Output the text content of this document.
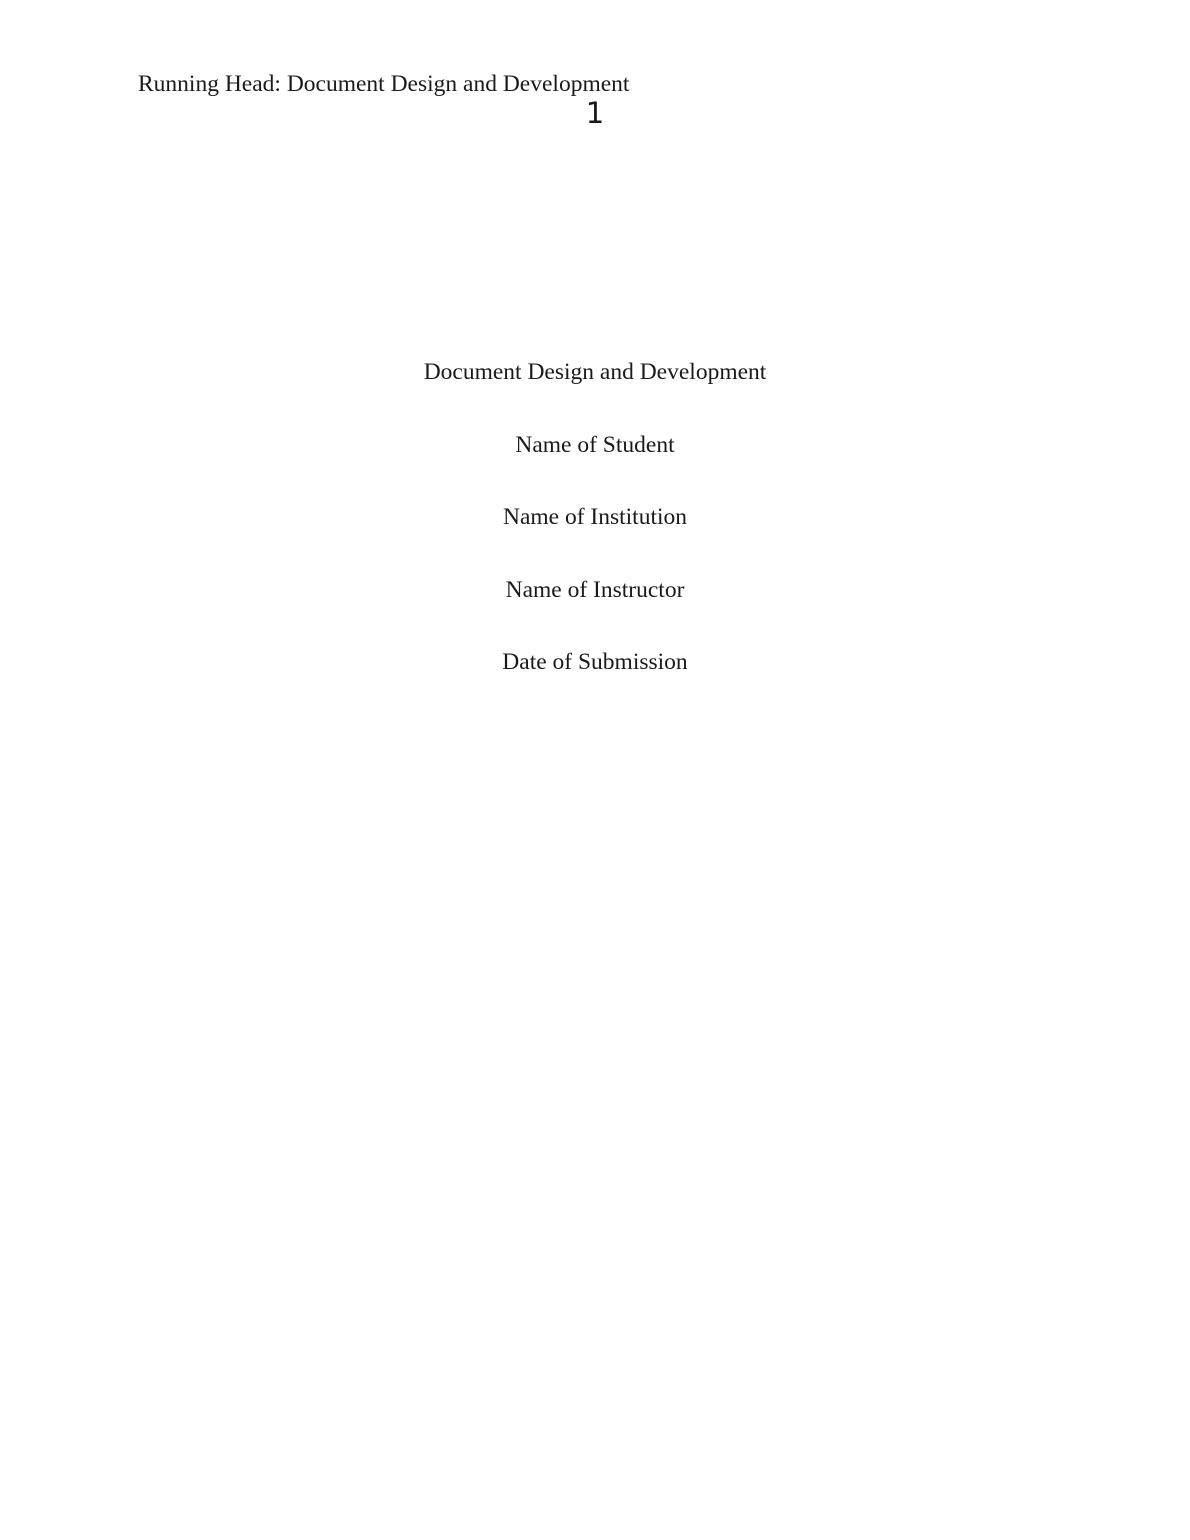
Running Head: Document Design and Development
1
Document Design and Development
Name of Student
Name of Institution
Name of Instructor
Date of Submission
